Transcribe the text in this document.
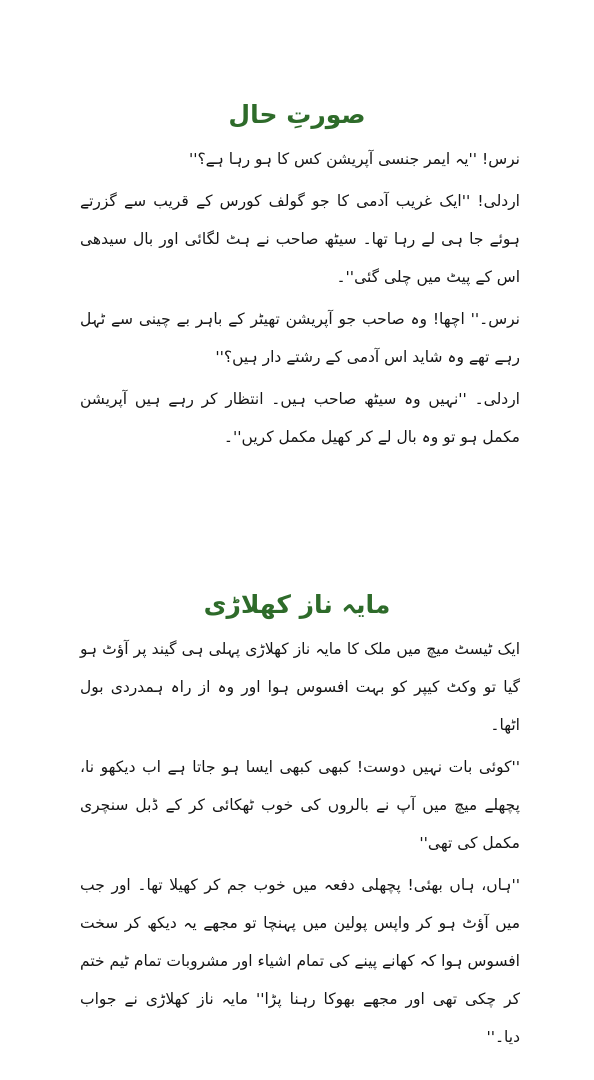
صورتِ حال

نرس! ''یہ ایمر جنسی آپریشن کس کا ہو رہا ہے؟''

اردلی! ''ایک غریب آدمی کا جو گولف کورس کے قریب سے گزرتے ہوئے جا ہی لے رہا تھا۔ سیٹھ صاحب نے ہٹ لگائی اور بال سیدھی اس کے پیٹ میں چلی گئی''۔

نرس۔'' اچھا! وہ صاحب جو آپریشن تھیٹر کے باہر بے چینی سے ٹہل رہے تھے وہ شاید اس آدمی کے رشتے دار ہیں؟''

اردلی۔ ''نہیں وہ سیٹھ صاحب ہیں۔ انتظار کر رہے ہیں آپریشن مکمل ہو تو وہ بال لے کر کھیل مکمل کریں''۔

مایہ ناز کھلاڑی

ایک ٹیسٹ میچ میں ملک کا مایہ ناز کھلاڑی پہلی ہی گیند پر آؤٹ ہو گیا تو وکٹ کیپر کو بہت افسوس ہوا اور وہ از راہ ہمدردی بول اٹھا۔

''کوئی بات نہیں دوست! کبھی کبھی ایسا ہو جاتا ہے اب دیکھو نا، پچھلے میچ میں آپ نے بالروں کی خوب ٹھکائی کر کے ڈبل سنچری مکمل کی تھی''

''ہاں، ہاں بھئی! پچھلی دفعہ میں خوب جم کر کھیلا تھا۔ اور جب میں آؤٹ ہو کر واپس پولین میں پہنچا تو مجھے یہ دیکھ کر سخت افسوس ہوا کہ کھانے پینے کی تمام اشیاء اور مشروبات تمام ٹیم ختم کر چکی تھی اور مجھے بھوکا رہنا پڑا'' مایہ ناز کھلاڑی نے جواب دیا۔''
